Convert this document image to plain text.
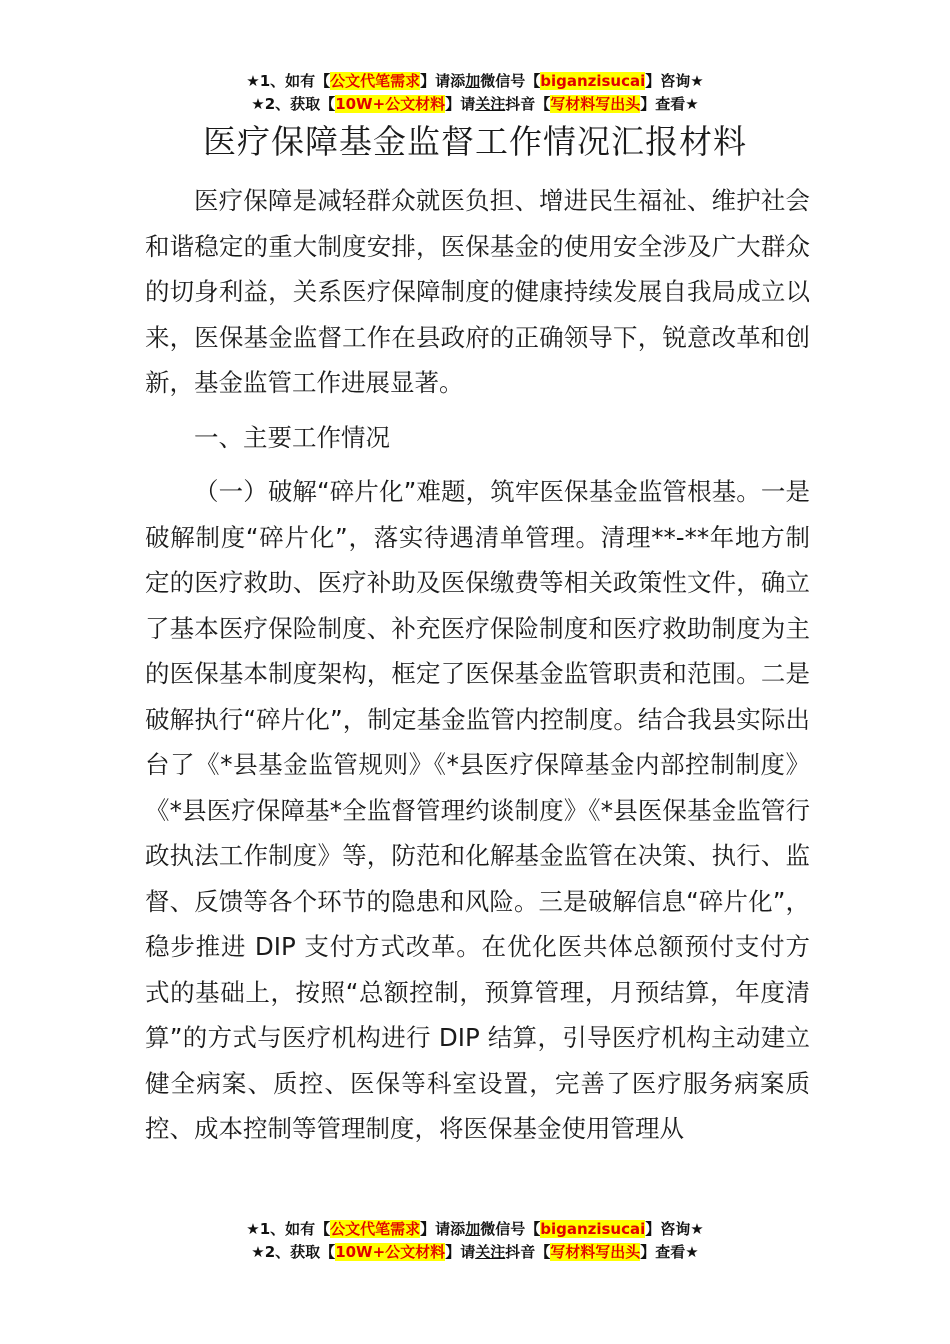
★1、如有【公文代笔需求】请添加微信号【biganzisucai】咨询★
★2、获取【10W+公文材料】请关注抖音【写材料写出头】查看★
医疗保障基金监督工作情况汇报材料

医疗保障是减轻群众就医负担、增进民生福祉、维护社会和谐稳定的重大制度安排，医保基金的使用安全涉及广大群众的切身利益，关系医疗保障制度的健康持续发展自我局成立以来，医保基金监督工作在县政府的正确领导下，锐意改革和创新，基金监管工作进展显著。

一、主要工作情况

（一）破解“碎片化”难题，筑牢医保基金监管根基。一是破解制度“碎片化”，落实待遇清单管理。清理**-**年地方制定的医疗救助、医疗补助及医保缴费等相关政策性文件，确立了基本医疗保险制度、补充医疗保险制度和医疗救助制度为主的医保基本制度架构，框定了医保基金监管职责和范围。二是破解执行“碎片化”，制定基金监管内控制度。结合我县实际出台了《*县基金监管规则》《*县医疗保障基金内部控制制度》《*县医疗保障基*全监督管理约谈制度》《*县医保基金监管行政执法工作制度》等，防范和化解基金监管在决策、执行、监督、反馈等各个环节的隐患和风险。三是破解信息“碎片化”，稳步推进 DIP 支付方式改革。在优化医共体总额预付支付方式的基础上，按照“总额控制，预算管理，月预结算，年度清算”的方式与医疗机构进行 DIP 结算，引导医疗机构主动建立健全病案、质控、医保等科室设置，完善了医疗服务病案质控、成本控制等管理制度，将医保基金使用管理从

★1、如有【公文代笔需求】请添加微信号【biganzisucai】咨询★
★2、获取【10W+公文材料】请关注抖音【写材料写出头】查看★
